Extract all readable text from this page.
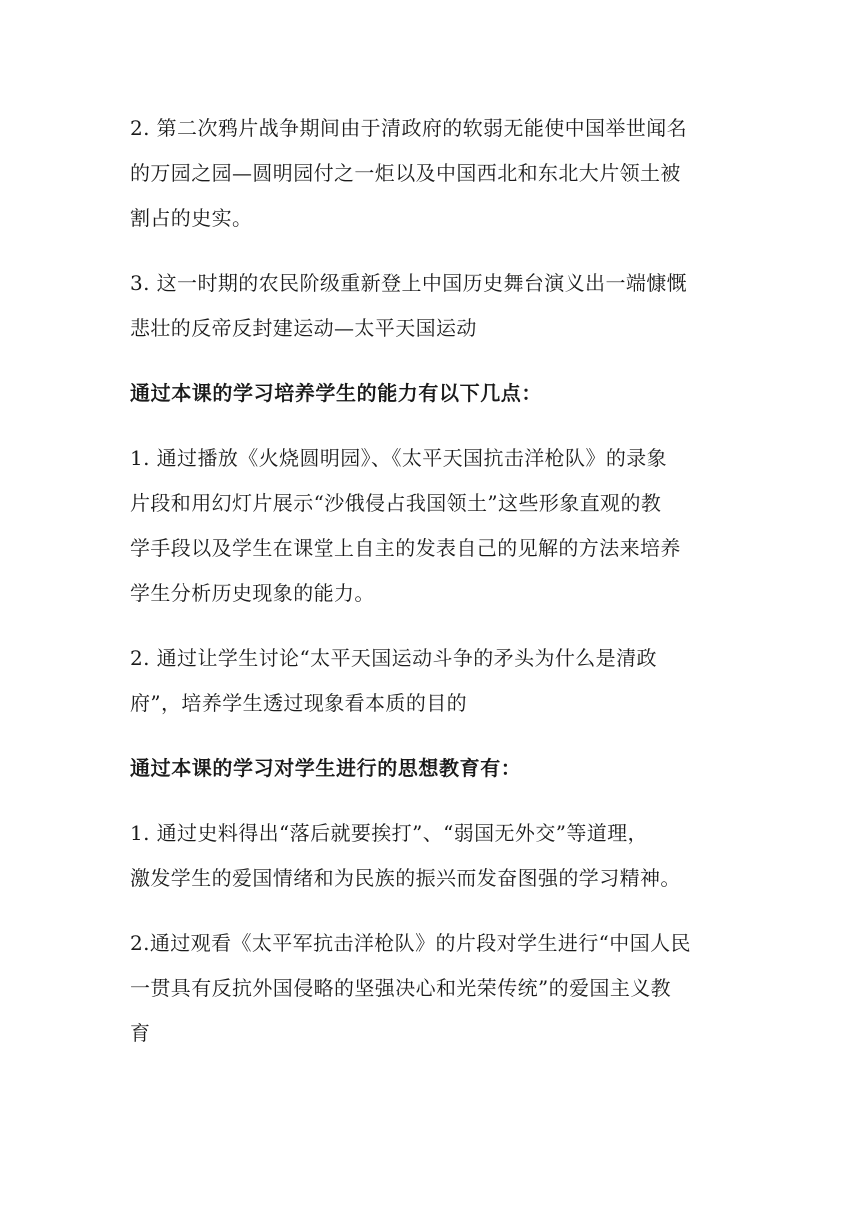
2. 第二次鸦片战争期间由于清政府的软弱无能使中国举世闻名
的万园之园—圆明园付之一炬以及中国西北和东北大片领土被
割占的史实。
3. 这一时期的农民阶级重新登上中国历史舞台演义出一端慷慨
悲壮的反帝反封建运动—太平天国运动
通过本课的学习培养学生的能力有以下几点：
1. 通过播放《火烧圆明园》、《太平天国抗击洋枪队》的录象
片段和用幻灯片展示“沙俄侵占我国领土”这些形象直观的教
学手段以及学生在课堂上自主的发表自己的见解的方法来培养
学生分析历史现象的能力。
2. 通过让学生讨论“太平天国运动斗争的矛头为什么是清政
府”，培养学生透过现象看本质的目的
通过本课的学习对学生进行的思想教育有：
1. 通过史料得出“落后就要挨打”、“弱国无外交”等道理，
激发学生的爱国情绪和为民族的振兴而发奋图强的学习精神。
2.通过观看《太平军抗击洋枪队》的片段对学生进行“中国人民
一贯具有反抗外国侵略的坚强决心和光荣传统”的爱国主义教
育
